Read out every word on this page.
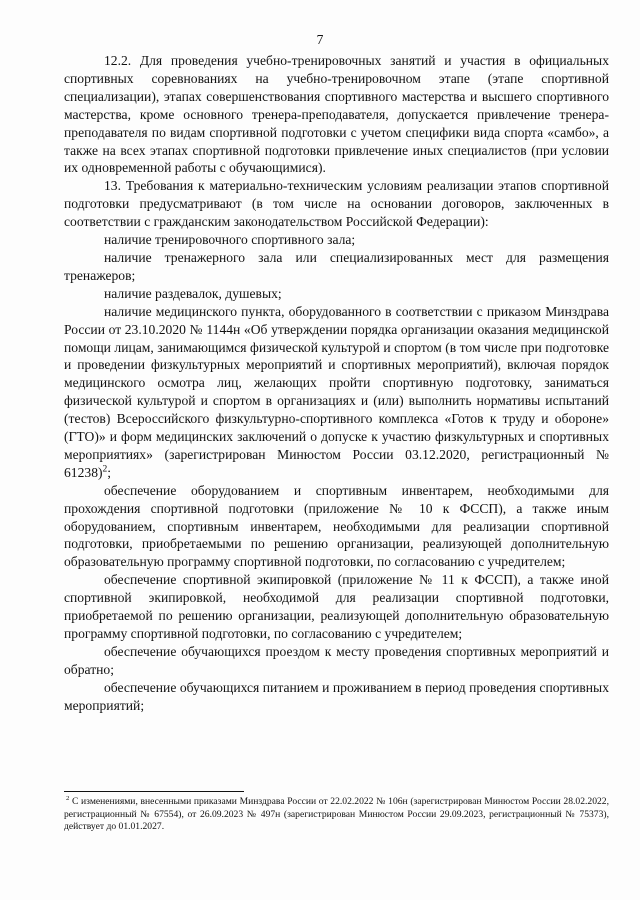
7

12.2. Для проведения учебно-тренировочных занятий и участия в официальных спортивных соревнованиях на учебно-тренировочном этапе (этапе спортивной специализации), этапах совершенствования спортивного мастерства и высшего спортивного мастерства, кроме основного тренера-преподавателя, допускается привлечение тренера-преподавателя по видам спортивной подготовки с учетом специфики вида спорта «самбо», а также на всех этапах спортивной подготовки привлечение иных специалистов (при условии их одновременной работы с обучающимися).

13. Требования к материально-техническим условиям реализации этапов спортивной подготовки предусматривают (в том числе на основании договоров, заключенных в соответствии с гражданским законодательством Российской Федерации):

наличие тренировочного спортивного зала;

наличие тренажерного зала или специализированных мест для размещения тренажеров;

наличие раздевалок, душевых;

наличие медицинского пункта, оборудованного в соответствии с приказом Минздрава России от 23.10.2020 № 1144н «Об утверждении порядка организации оказания медицинской помощи лицам, занимающимся физической культурой и спортом (в том числе при подготовке и проведении физкультурных мероприятий и спортивных мероприятий), включая порядок медицинского осмотра лиц, желающих пройти спортивную подготовку, заниматься физической культурой и спортом в организациях и (или) выполнить нормативы испытаний (тестов) Всероссийского физкультурно-спортивного комплекса «Готов к труду и обороне» (ГТО)» и форм медицинских заключений о допуске к участию физкультурных и спортивных мероприятиях» (зарегистрирован Минюстом России 03.12.2020, регистрационный № 61238)$^2$;

обеспечение оборудованием и спортивным инвентарем, необходимыми для прохождения спортивной подготовки (приложение № 10 к ФССП), а также иным оборудованием, спортивным инвентарем, необходимыми для реализации спортивной подготовки, приобретаемыми по решению организации, реализующей дополнительную образовательную программу спортивной подготовки, по согласованию с учредителем;

обеспечение спортивной экипировкой (приложение № 11 к ФССП), а также иной спортивной экипировкой, необходимой для реализации спортивной подготовки, приобретаемой по решению организации, реализующей дополнительную образовательную программу спортивной подготовки, по согласованию с учредителем;

обеспечение обучающихся проездом к месту проведения спортивных мероприятий и обратно;

обеспечение обучающихся питанием и проживанием в период проведения спортивных мероприятий;

$^2$ С изменениями, внесенными приказами Минздрава России от 22.02.2022 № 106н (зарегистрирован Минюстом России 28.02.2022, регистрационный № 67554), от 26.09.2023 № 497н (зарегистрирован Минюстом России 29.09.2023, регистрационный № 75373), действует до 01.01.2027.
